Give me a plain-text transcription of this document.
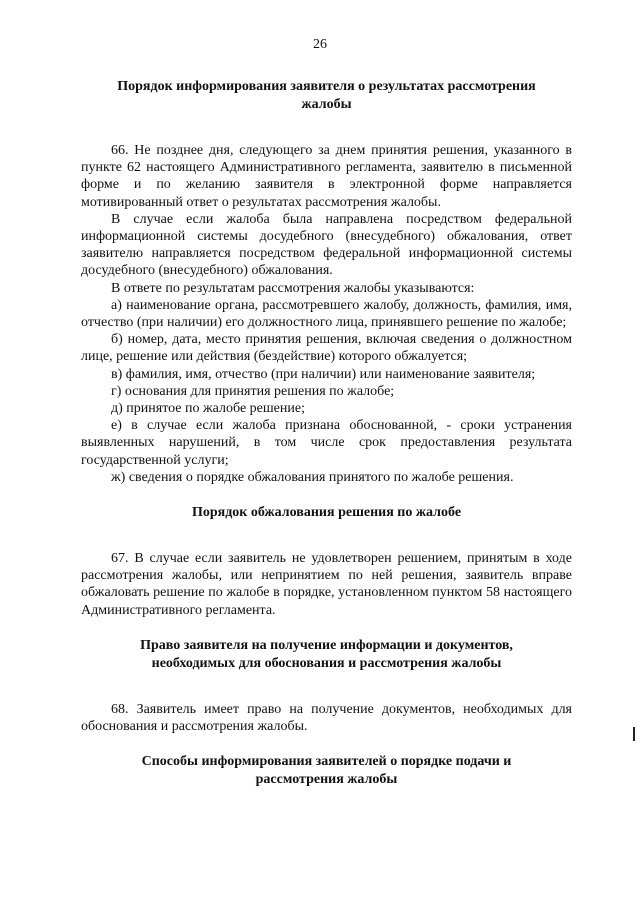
26
Порядок информирования заявителя о результатах рассмотрения
жалобы

66. Не позднее дня, следующего за днем принятия решения, указанного в пункте 62 настоящего Административного регламента, заявителю в письменной форме и по желанию заявителя в электронной форме направляется мотивированный ответ о результатах рассмотрения жалобы.

В случае если жалоба была направлена посредством федеральной информационной системы досудебного (внесудебного) обжалования, ответ заявителю направляется посредством федеральной информационной системы досудебного (внесудебного) обжалования.

В ответе по результатам рассмотрения жалобы указываются:

а) наименование органа, рассмотревшего жалобу, должность, фамилия, имя, отчество (при наличии) его должностного лица, принявшего решение по жалобе;

б) номер, дата, место принятия решения, включая сведения о должностном лице, решение или действия (бездействие) которого обжалуется;

в) фамилия, имя, отчество (при наличии) или наименование заявителя;

г) основания для принятия решения по жалобе;

д) принятое по жалобе решение;

е) в случае если жалоба признана обоснованной, - сроки устранения выявленных нарушений, в том числе срок предоставления результата государственной услуги;

ж) сведения о порядке обжалования принятого по жалобе решения.

Порядок обжалования решения по жалобе

67. В случае если заявитель не удовлетворен решением, принятым в ходе рассмотрения жалобы, или непринятием по ней решения, заявитель вправе обжаловать решение по жалобе в порядке, установленном пунктом 58 настоящего Административного регламента.

Право заявителя на получение информации и документов,
необходимых для обоснования и рассмотрения жалобы

68. Заявитель имеет право на получение документов, необходимых для обоснования и рассмотрения жалобы.

Способы информирования заявителей о порядке подачи и
рассмотрения жалобы
